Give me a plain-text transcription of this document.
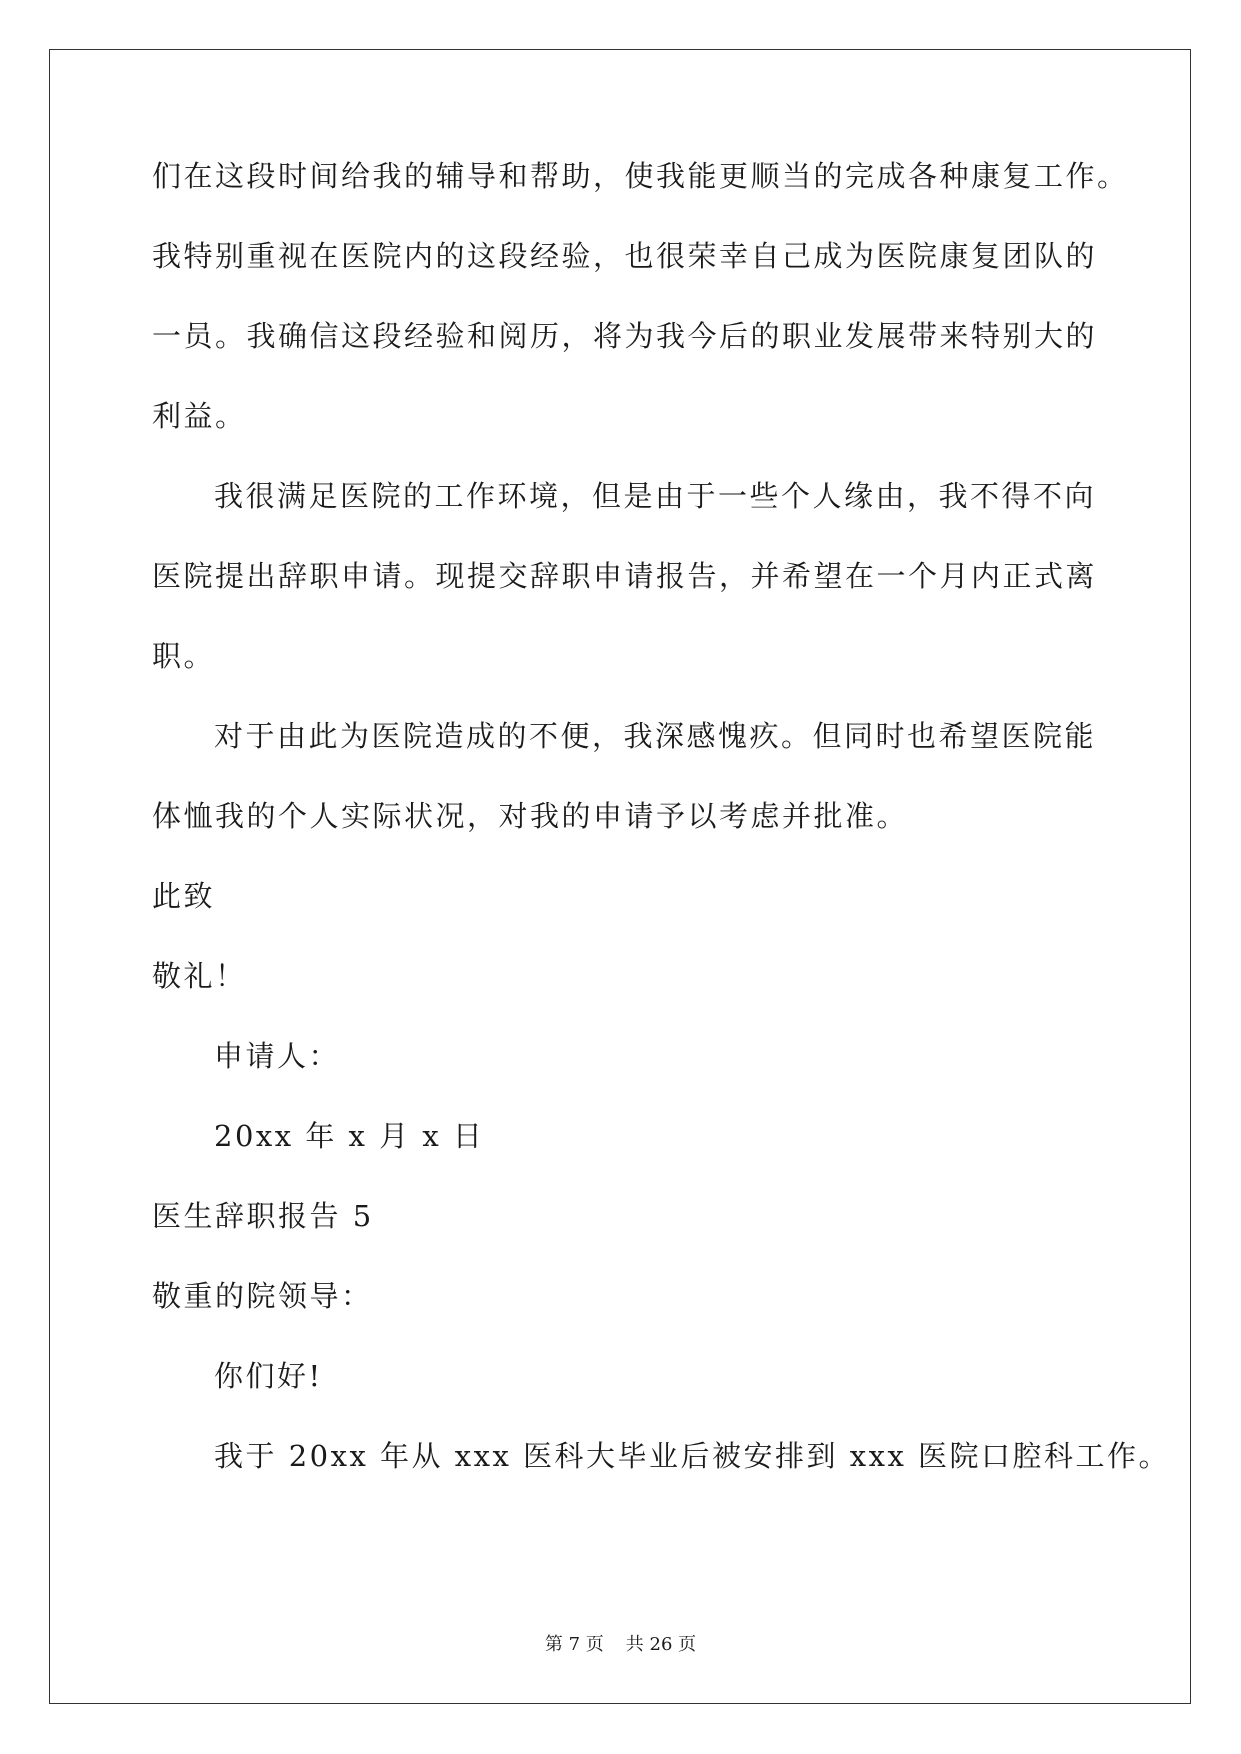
们在这段时间给我的辅导和帮助，使我能更顺当的完成各种康复工作。
我特别重视在医院内的这段经验，也很荣幸自己成为医院康复团队的
一员。我确信这段经验和阅历，将为我今后的职业发展带来特别大的
利益。
我很满足医院的工作环境，但是由于一些个人缘由，我不得不向
医院提出辞职申请。现提交辞职申请报告，并希望在一个月内正式离
职。
对于由此为医院造成的不便，我深感愧疚。但同时也希望医院能
体恤我的个人实际状况，对我的申请予以考虑并批准。
此致
敬礼！
申请人：
20xx 年 x 月 x 日
医生辞职报告 5
敬重的院领导：
你们好!
我于 20xx 年从 xxx 医科大毕业后被安排到 xxx 医院口腔科工作。
第 7 页 共 26 页
